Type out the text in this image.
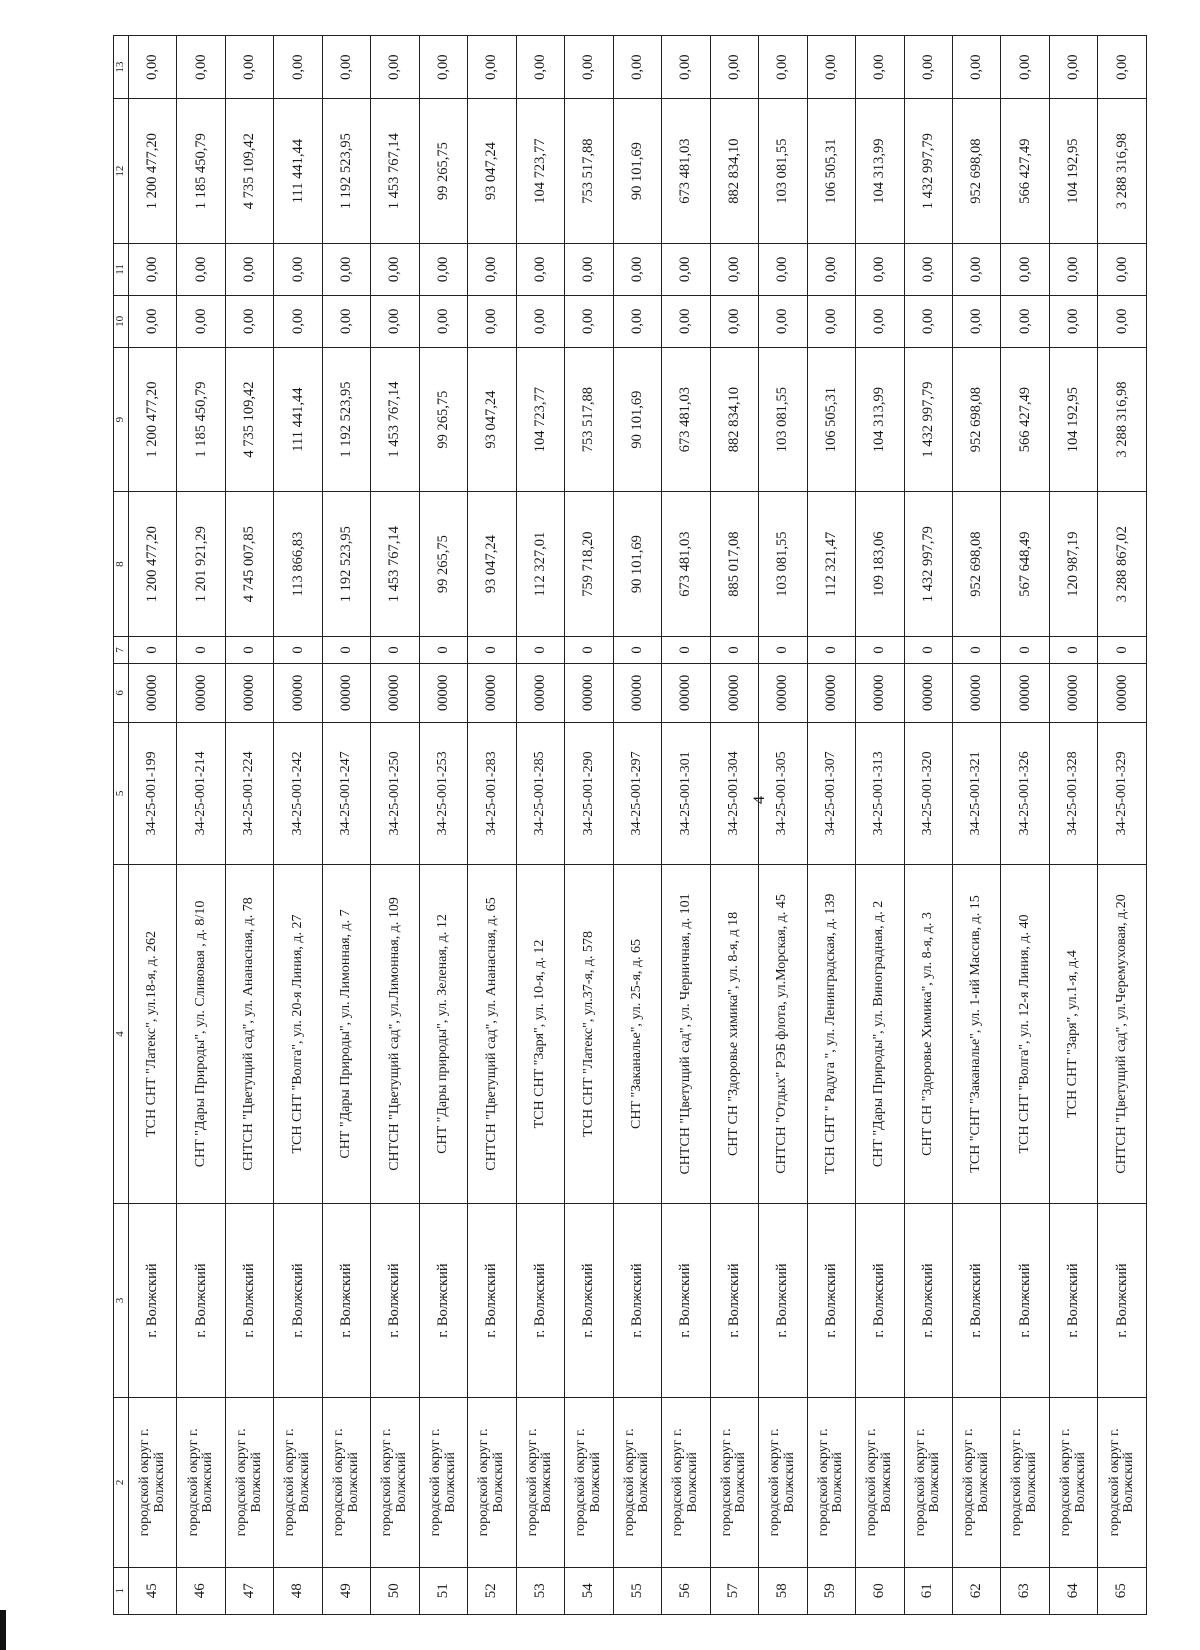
4
1	2	3	4	5	6	7	8	9	10	11	12	13
45	городской округ г. Волжский	г. Волжский	ТСН СНТ "Латекс", ул.18-я, д. 262	34-25-001-199	00000	0	1 200 477,20	1 200 477,20	0,00	0,00	1 200 477,20	0,00
46	городской округ г. Волжский	г. Волжский	СНТ "Дары Природы", ул. Сливовая , д. 8/10	34-25-001-214	00000	0	1 201 921,29	1 185 450,79	0,00	0,00	1 185 450,79	0,00
47	городской округ г. Волжский	г. Волжский	СНТСН "Цветущий сад", ул. Ананасная, д. 78	34-25-001-224	00000	0	4 745 007,85	4 735 109,42	0,00	0,00	4 735 109,42	0,00
48	городской округ г. Волжский	г. Волжский	ТСН СНТ "Волга", ул. 20-я Линия, д. 27	34-25-001-242	00000	0	113 866,83	111 441,44	0,00	0,00	111 441,44	0,00
49	городской округ г. Волжский	г. Волжский	СНТ "Дары Природы", ул. Лимонная, д. 7	34-25-001-247	00000	0	1 192 523,95	1 192 523,95	0,00	0,00	1 192 523,95	0,00
50	городской округ г. Волжский	г. Волжский	СНТСН "Цветущий сад", ул.Лимонная, д. 109	34-25-001-250	00000	0	1 453 767,14	1 453 767,14	0,00	0,00	1 453 767,14	0,00
51	городской округ г. Волжский	г. Волжский	СНТ "Дары природы", ул. Зеленая, д. 12	34-25-001-253	00000	0	99 265,75	99 265,75	0,00	0,00	99 265,75	0,00
52	городской округ г. Волжский	г. Волжский	СНТСН "Цветущий сад", ул. Ананасная, д. 65	34-25-001-283	00000	0	93 047,24	93 047,24	0,00	0,00	93 047,24	0,00
53	городской округ г. Волжский	г. Волжский	ТСН СНТ "Заря", ул. 10-я, д. 12	34-25-001-285	00000	0	112 327,01	104 723,77	0,00	0,00	104 723,77	0,00
54	городской округ г. Волжский	г. Волжский	ТСН СНТ "Латекс", ул.37-я, д. 578	34-25-001-290	00000	0	759 718,20	753 517,88	0,00	0,00	753 517,88	0,00
55	городской округ г. Волжский	г. Волжский	СНТ "Заканалье", ул. 25-я, д. 65	34-25-001-297	00000	0	90 101,69	90 101,69	0,00	0,00	90 101,69	0,00
56	городской округ г. Волжский	г. Волжский	СНТСН "Цветущий сад", ул. Черничная, д. 101	34-25-001-301	00000	0	673 481,03	673 481,03	0,00	0,00	673 481,03	0,00
57	городской округ г. Волжский	г. Волжский	СНТ СН "Здоровье химика", ул. 8-я, д 18	34-25-001-304	00000	0	885 017,08	882 834,10	0,00	0,00	882 834,10	0,00
58	городской округ г. Волжский	г. Волжский	СНТСН "Отдых" РЭБ флота, ул.Морская, д. 45	34-25-001-305	00000	0	103 081,55	103 081,55	0,00	0,00	103 081,55	0,00
59	городской округ г. Волжский	г. Волжский	ТСН СНТ " Радуга ", ул. Ленинградская, д. 139	34-25-001-307	00000	0	112 321,47	106 505,31	0,00	0,00	106 505,31	0,00
60	городской округ г. Волжский	г. Волжский	СНТ "Дары Природы", ул. Виноградная, д. 2	34-25-001-313	00000	0	109 183,06	104 313,99	0,00	0,00	104 313,99	0,00
61	городской округ г. Волжский	г. Волжский	СНТ СН "Здоровье Химика", ул. 8-я, д. 3	34-25-001-320	00000	0	1 432 997,79	1 432 997,79	0,00	0,00	1 432 997,79	0,00
62	городской округ г. Волжский	г. Волжский	ТСН "СНТ "Заканалье", ул. 1-ий Массив, д. 15	34-25-001-321	00000	0	952 698,08	952 698,08	0,00	0,00	952 698,08	0,00
63	городской округ г. Волжский	г. Волжский	ТСН СНТ "Волга", ул. 12-я Линия, д. 40	34-25-001-326	00000	0	567 648,49	566 427,49	0,00	0,00	566 427,49	0,00
64	городской округ г. Волжский	г. Волжский	ТСН СНТ "Заря", ул.1-я, д.4	34-25-001-328	00000	0	120 987,19	104 192,95	0,00	0,00	104 192,95	0,00
65	городской округ г. Волжский	г. Волжский	СНТСН "Цветущий сад", ул.Черемуховая, д.20	34-25-001-329	00000	0	3 288 867,02	3 288 316,98	0,00	0,00	3 288 316,98	0,00
